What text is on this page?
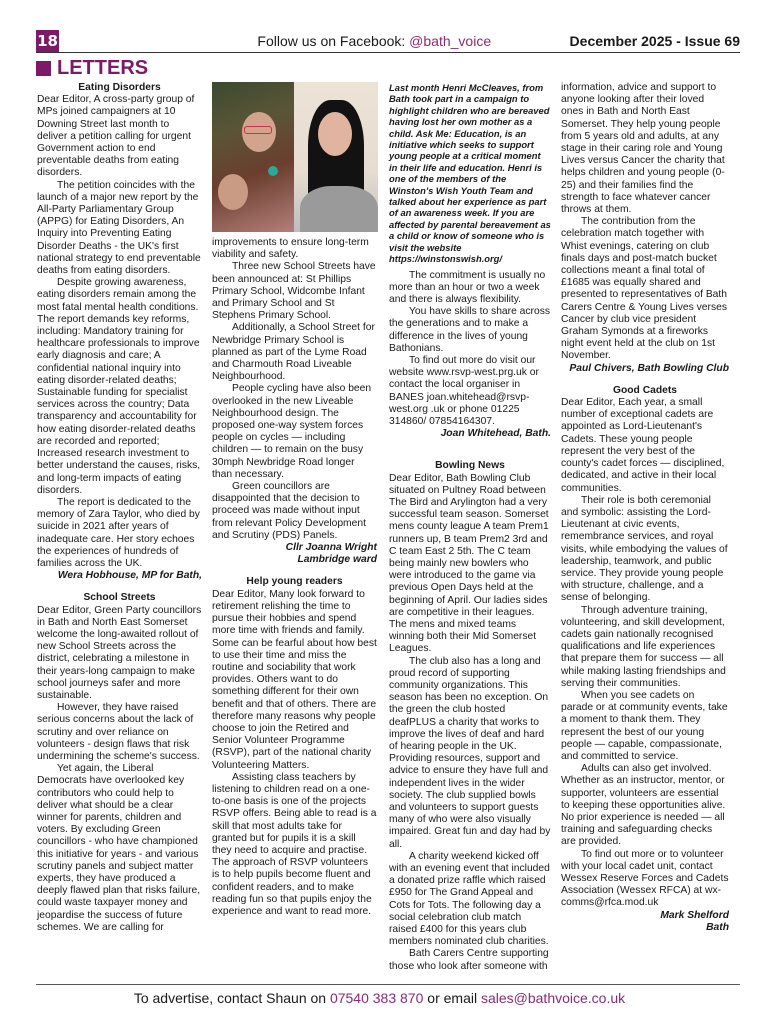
18	Follow us on Facebook: @bath_voice	December 2025 - Issue 69
LETTERS
Eating Disorders

Dear Editor, A cross-party group of MPs joined campaigners at 10 Downing Street last month to deliver a petition calling for urgent Government action to end preventable deaths from eating disorders.

The petition coincides with the launch of a major new report by the All-Party Parliamentary Group (APPG) for Eating Disorders, An Inquiry into Preventing Eating Disorder Deaths - the UK's first national strategy to end preventable deaths from eating disorders.

Despite growing awareness, eating disorders remain among the most fatal mental health conditions. The report demands key reforms, including: Mandatory training for healthcare professionals to improve early diagnosis and care; A confidential national inquiry into eating disorder-related deaths; Sustainable funding for specialist services across the country; Data transparency and accountability for how eating disorder-related deaths are recorded and reported; Increased research investment to better understand the causes, risks, and long-term impacts of eating disorders.

The report is dedicated to the memory of Zara Taylor, who died by suicide in 2021 after years of inadequate care. Her story echoes the experiences of hundreds of families across the UK.

Wera Hobhouse, MP for Bath,
School Streets

Dear Editor, Green Party councillors in Bath and North East Somerset welcome the long-awaited rollout of new School Streets across the district, celebrating a milestone in their years-long campaign to make school journeys safer and more sustainable.

However, they have raised serious concerns about the lack of scrutiny and over reliance on volunteers - design flaws that risk undermining the scheme's success.

Yet again, the Liberal Democrats have overlooked key contributors who could help to deliver what should be a clear winner for parents, children and voters. By excluding Green councillors - who have championed this initiative for years - and various scrutiny panels and subject matter experts, they have produced a deeply flawed plan that risks failure, could waste taxpayer money and jeopardise the success of future schemes. We are calling for

improvements to ensure long-term viability and safety.

Three new School Streets have been announced at: St Phillips Primary School, Widcombe Infant and Primary School and St Stephens Primary School.

Additionally, a School Street for Newbridge Primary School is planned as part of the Lyme Road and Charmouth Road Liveable Neighbourhood.

People cycling have also been overlooked in the new Liveable Neighbourhood design. The proposed one-way system forces people on cycles — including children — to remain on the busy 30mph Newbridge Road longer than necessary.

Green councillors are disappointed that the decision to proceed was made without input from relevant Policy Development and Scrutiny (PDS) Panels.

Cllr Joanna Wright
Lambridge ward
Help young readers

Dear Editor, Many look forward to retirement relishing the time to pursue their hobbies and spend more time with friends and family. Some can be fearful about how best to use their time and miss the routine and sociability that work provides. Others want to do something different for their own benefit and that of others. There are therefore many reasons why people choose to join the Retired and Senior Volunteer Programme (RSVP), part of the national charity Volunteering Matters.

Assisting class teachers by listening to children read on a one-to-one basis is one of the projects RSVP offers. Being able to read is a skill that most adults take for granted but for pupils it is a skill they need to acquire and practise. The approach of RSVP volunteers is to help pupils become fluent and confident readers, and to make reading fun so that pupils enjoy the experience and want to read more.

Last month Henri McCleaves, from Bath took part in a campaign to highlight children who are bereaved having lost her own mother as a child. Ask Me: Education, is an initiative which seeks to support young people at a critical moment in their life and education. Henri is one of the members of the Winston's Wish Youth Team and talked about her experience as part of an awareness week. If you are affected by parental bereavement as a child or know of someone who is visit the website https://winstonswish.org/

The commitment is usually no more than an hour or two a week and there is always flexibility.

You have skills to share across the generations and to make a difference in the lives of young Bathonians.

To find out more do visit our website www.rsvp-west.prg.uk or contact the local organiser in BANES joan.whitehead@rsvp-west.org .uk or phone 01225 314860/ 07854164307.

Joan Whitehead, Bath.
Bowling News

Dear Editor, Bath Bowling Club situated on Pultney Road between The Bird and Arylington had a very successful team season. Somerset mens county league A team Prem1 runners up, B team Prem2 3rd and C team East 2 5th. The C team being mainly new bowlers who were introduced to the game via previous Open Days held at the beginning of April. Our ladies sides are competitive in their leagues. The mens and mixed teams winning both their Mid Somerset Leagues.

The club also has a long and proud record of supporting community organizations. This season has been no exception. On the green the club hosted deafPLUS a charity that works to improve the lives of deaf and hard of hearing people in the UK. Providing resources, support and advice to ensure they have full and independent lives in the wider society. The club supplied bowls and volunteers to support guests many of who were also visually impaired. Great fun and day had by all.

A charity weekend kicked off with an evening event that included a donated prize raffle which raised £950 for The Grand Appeal and Cots for Tots. The following day a social celebration club match raised £400 for this years club members nominated club charities.

Bath Carers Centre supporting those who look after someone with

information, advice and support to anyone looking after their loved ones in Bath and North East Somerset. They help young people from 5 years old and adults, at any stage in their caring role and Young Lives versus Cancer the charity that helps children and young people (0-25) and their families find the strength to face whatever cancer throws at them.

The contribution from the celebration match together with Whist evenings, catering on club finals days and post-match bucket collections meant a final total of £1685 was equally shared and presented to representatives of Bath Carers Centre & Young Lives verses Cancer by club vice president Graham Symonds at a fireworks night event held at the club on 1st November.

Paul Chivers, Bath Bowling Club
Good Cadets

Dear Editor, Each year, a small number of exceptional cadets are appointed as Lord-Lieutenant's Cadets. These young people represent the very best of the county's cadet forces — disciplined, dedicated, and active in their local communities.

Their role is both ceremonial and symbolic: assisting the Lord-Lieutenant at civic events, remembrance services, and royal visits, while embodying the values of leadership, teamwork, and public service. They provide young people with structure, challenge, and a sense of belonging.

Through adventure training, volunteering, and skill development, cadets gain nationally recognised qualifications and life experiences that prepare them for success — all while making lasting friendships and serving their communities.

When you see cadets on parade or at community events, take a moment to thank them. They represent the best of our young people — capable, compassionate, and committed to service.

Adults can also get involved. Whether as an instructor, mentor, or supporter, volunteers are essential to keeping these opportunities alive. No prior experience is needed — all training and safeguarding checks are provided.

To find out more or to volunteer with your local cadet unit, contact Wessex Reserve Forces and Cadets Association (Wessex RFCA) at wx-comms@rfca.mod.uk

Mark Shelford
Bath
To advertise, contact Shaun on 07540 383 870 or email sales@bathvoice.co.uk
